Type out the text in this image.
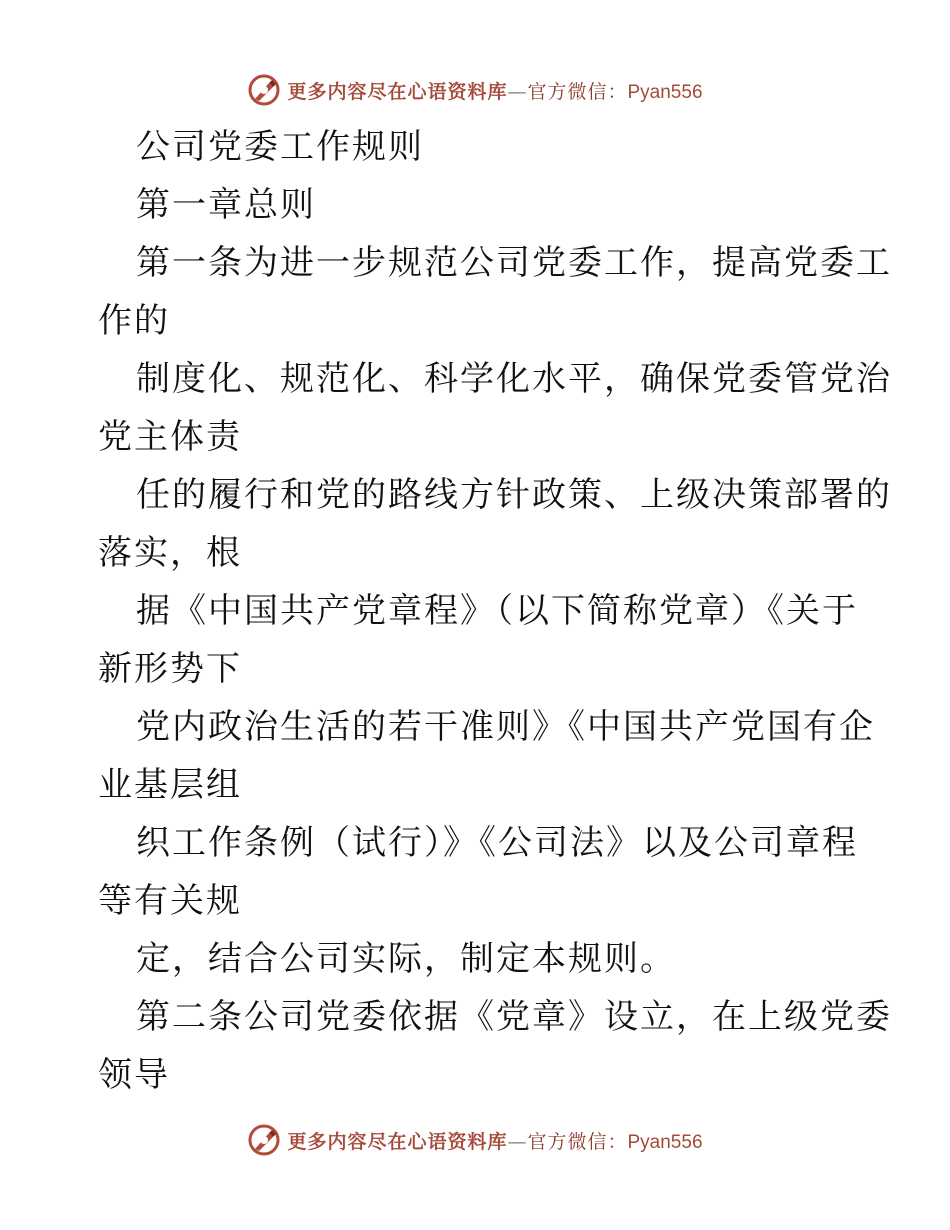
更多内容尽在心语资料库—官方微信：Pyan556
公司党委工作规则
第一章总则
第一条为进一步规范公司党委工作，提高党委工
作的
制度化、规范化、科学化水平，确保党委管党治
党主体责
任的履行和党的路线方针政策、上级决策部署的
落实，根
据《中国共产党章程》（以下简称党章）《关于
新形势下
党内政治生活的若干准则》《中国共产党国有企
业基层组
织工作条例（试行）》《公司法》以及公司章程
等有关规
定，结合公司实际，制定本规则。
第二条公司党委依据《党章》设立，在上级党委
领导
更多内容尽在心语资料库—官方微信：Pyan556
